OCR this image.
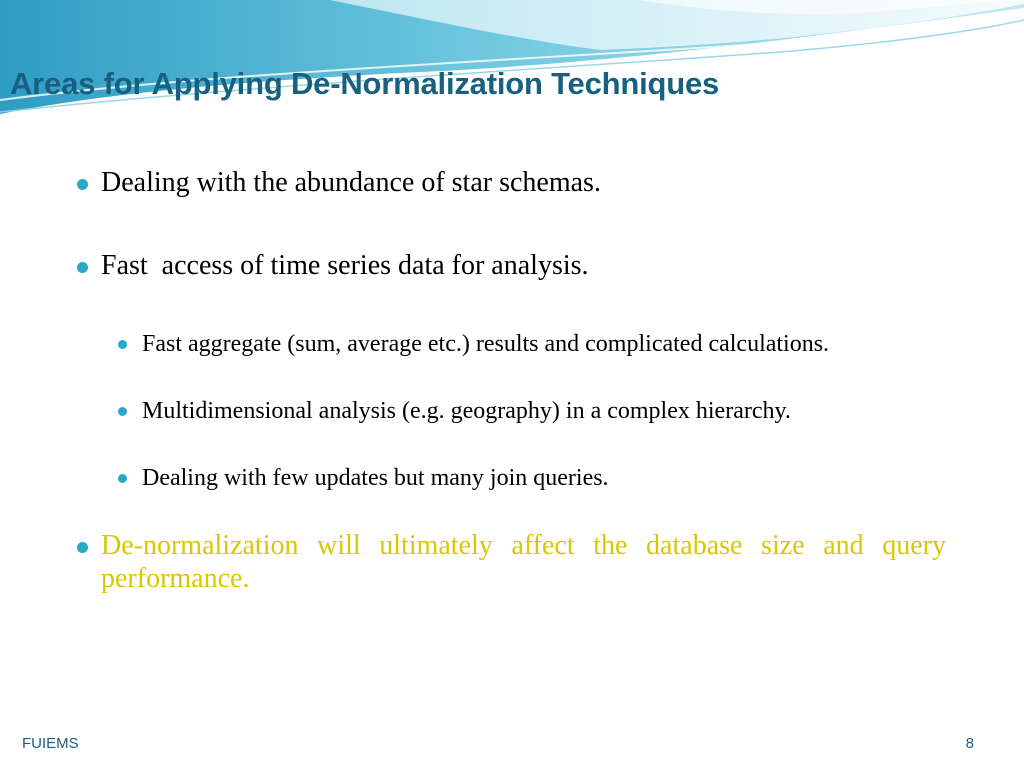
Areas for Applying De-Normalization Techniques
Dealing with the abundance of star schemas.
Fast  access of time series data for analysis.
Fast aggregate (sum, average etc.) results and complicated calculations.
Multidimensional analysis (e.g. geography) in a complex hierarchy.
Dealing with few updates but many join queries.
De-normalization will ultimately affect the database size and query performance.
FUIEMS	8
